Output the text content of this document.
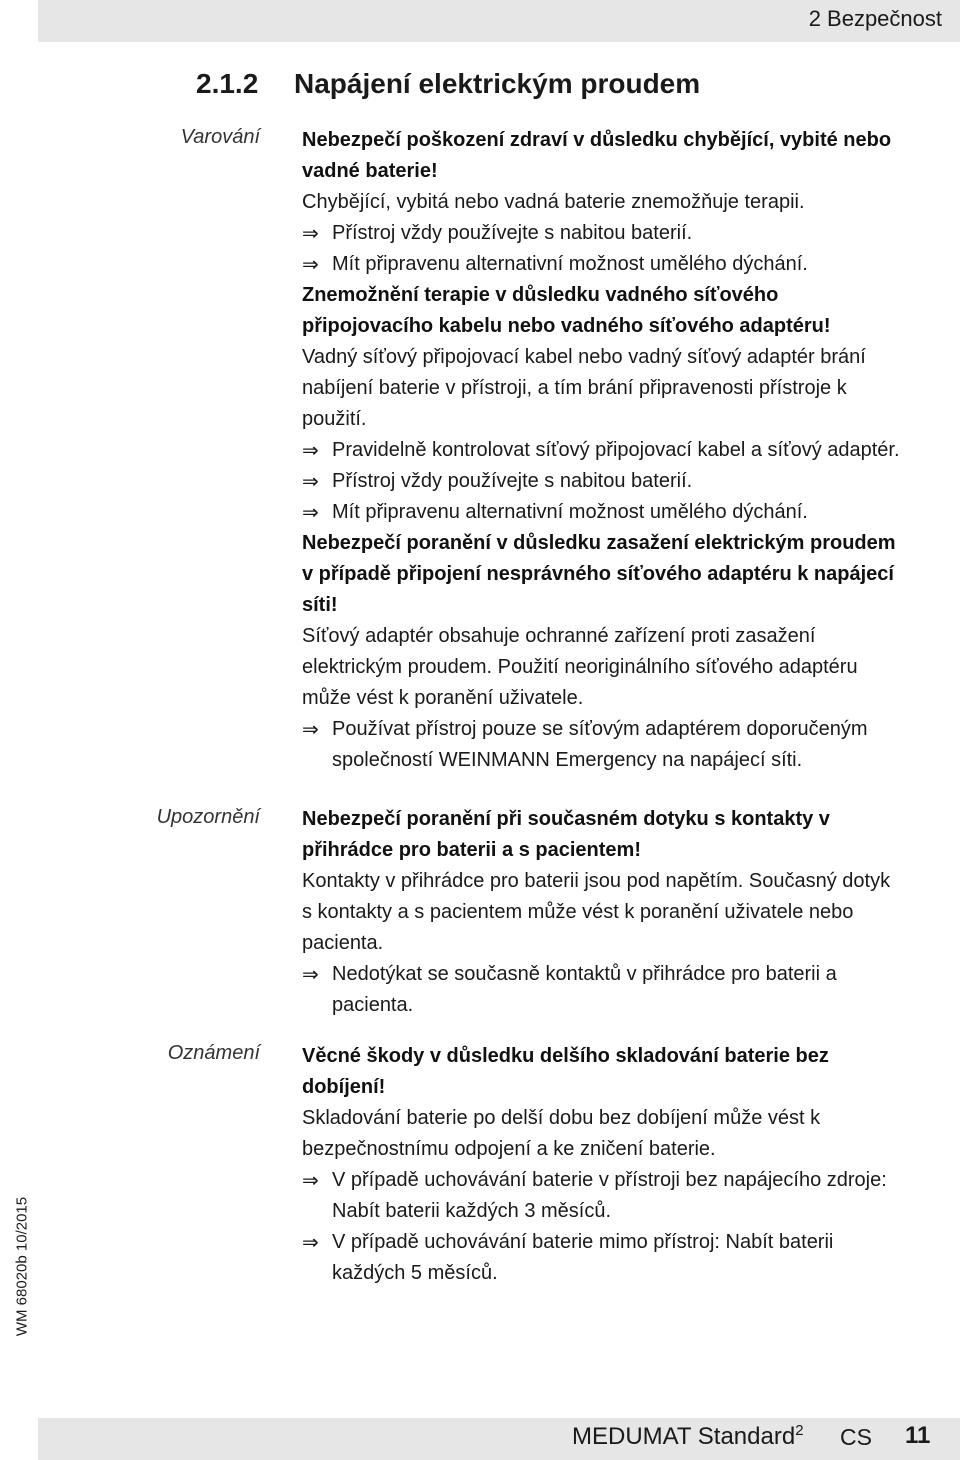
2 Bezpečnost
2.1.2 Napájení elektrickým proudem
Varování
Upozornění
Oznámení
Nebezpečí poškození zdraví v důsledku chybějící, vybité nebo
vadné baterie!
Chybějící, vybitá nebo vadná baterie znemožňuje terapii.
⇒ Přístroj vždy používejte s nabitou baterií.
⇒ Mít připravenu alternativní možnost umělého dýchání.
Znemožnění terapie v důsledku vadného síťového
připojovacího kabelu nebo vadného síťového adaptéru!
Vadný síťový připojovací kabel nebo vadný síťový adaptér brání
nabíjení baterie v přístroji, a tím brání připravenosti přístroje k
použití.
⇒ Pravidelně kontrolovat síťový připojovací kabel a síťový adaptér.
⇒ Přístroj vždy používejte s nabitou baterií.
⇒ Mít připravenu alternativní možnost umělého dýchání.
Nebezpečí poranění v důsledku zasažení elektrickým proudem
v případě připojení nesprávného síťového adaptéru k napájecí
síti!
Síťový adaptér obsahuje ochranné zařízení proti zasažení
elektrickým proudem. Použití neoriginálního síťového adaptéru
může vést k poranění uživatele.
⇒ Používat přístroj pouze se síťovým adaptérem doporučeným
společností WEINMANN Emergency na napájecí síti.
Nebezpečí poranění při současném dotyku s kontakty v
přihrádce pro baterii a s pacientem!
Kontakty v přihrádce pro baterii jsou pod napětím. Současný dotyk
s kontakty a s pacientem může vést k poranění uživatele nebo
pacienta.
⇒ Nedotýkat se současně kontaktů v přihrádce pro baterii a
pacienta.
Věcné škody v důsledku delšího skladování baterie bez
dobíjení!
Skladování baterie po delší dobu bez dobíjení může vést k
bezpečnostnímu odpojení a ke zničení baterie.
⇒ V případě uchovávání baterie v přístroji bez napájecího zdroje:
Nabít baterii každých 3 měsíců.
⇒ V případě uchovávání baterie mimo přístroj: Nabít baterii
každých 5 měsíců.
WM 68020b 10/2015
MEDUMAT Standard$^2$ CS 11
